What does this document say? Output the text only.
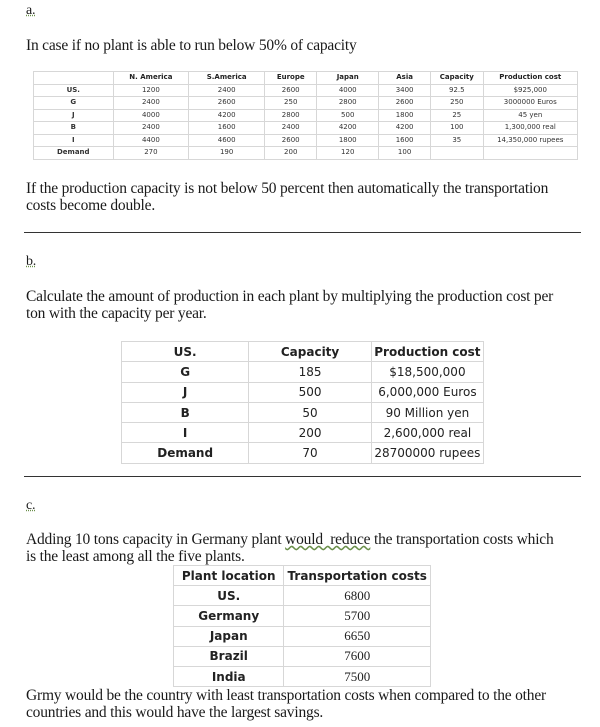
a.
In case if no plant is able to run below 50% of capacity
	N. America	S.America	Europe	Japan	Asia	Capacity	Production cost
US.	1200	2400	2600	4000	3400	92.5	$925,000
G	2400	2600	250	2800	2600	250	3000000 Euros
J	4000	4200	2800	500	1800	25	45 yen
B	2400	1600	2400	4200	4200	100	1,300,000 real
I	4400	4600	2600	1800	1600	35	14,350,000 rupees
Demand	270	190	200	120	100		
If the production capacity is not below 50 percent then automatically the transportation
costs become double.
b.
Calculate the amount of production in each plant by multiplying the production cost per
ton with the capacity per year.
US.	Capacity	Production cost
G	185	$18,500,000
J	500	6,000,000 Euros
B	50	90 Million yen
I	200	2,600,000 real
Demand	70	28700000 rupees
c.
Adding 10 tons capacity in Germany plant would  reduce the transportation costs which
is the least among all the five plants.
Plant location	Transportation costs
US.	6800
Germany	5700
Japan	6650
Brazil	7600
India	7500
Grmy would be the country with least transportation costs when compared to the other
countries and this would have the largest savings.
